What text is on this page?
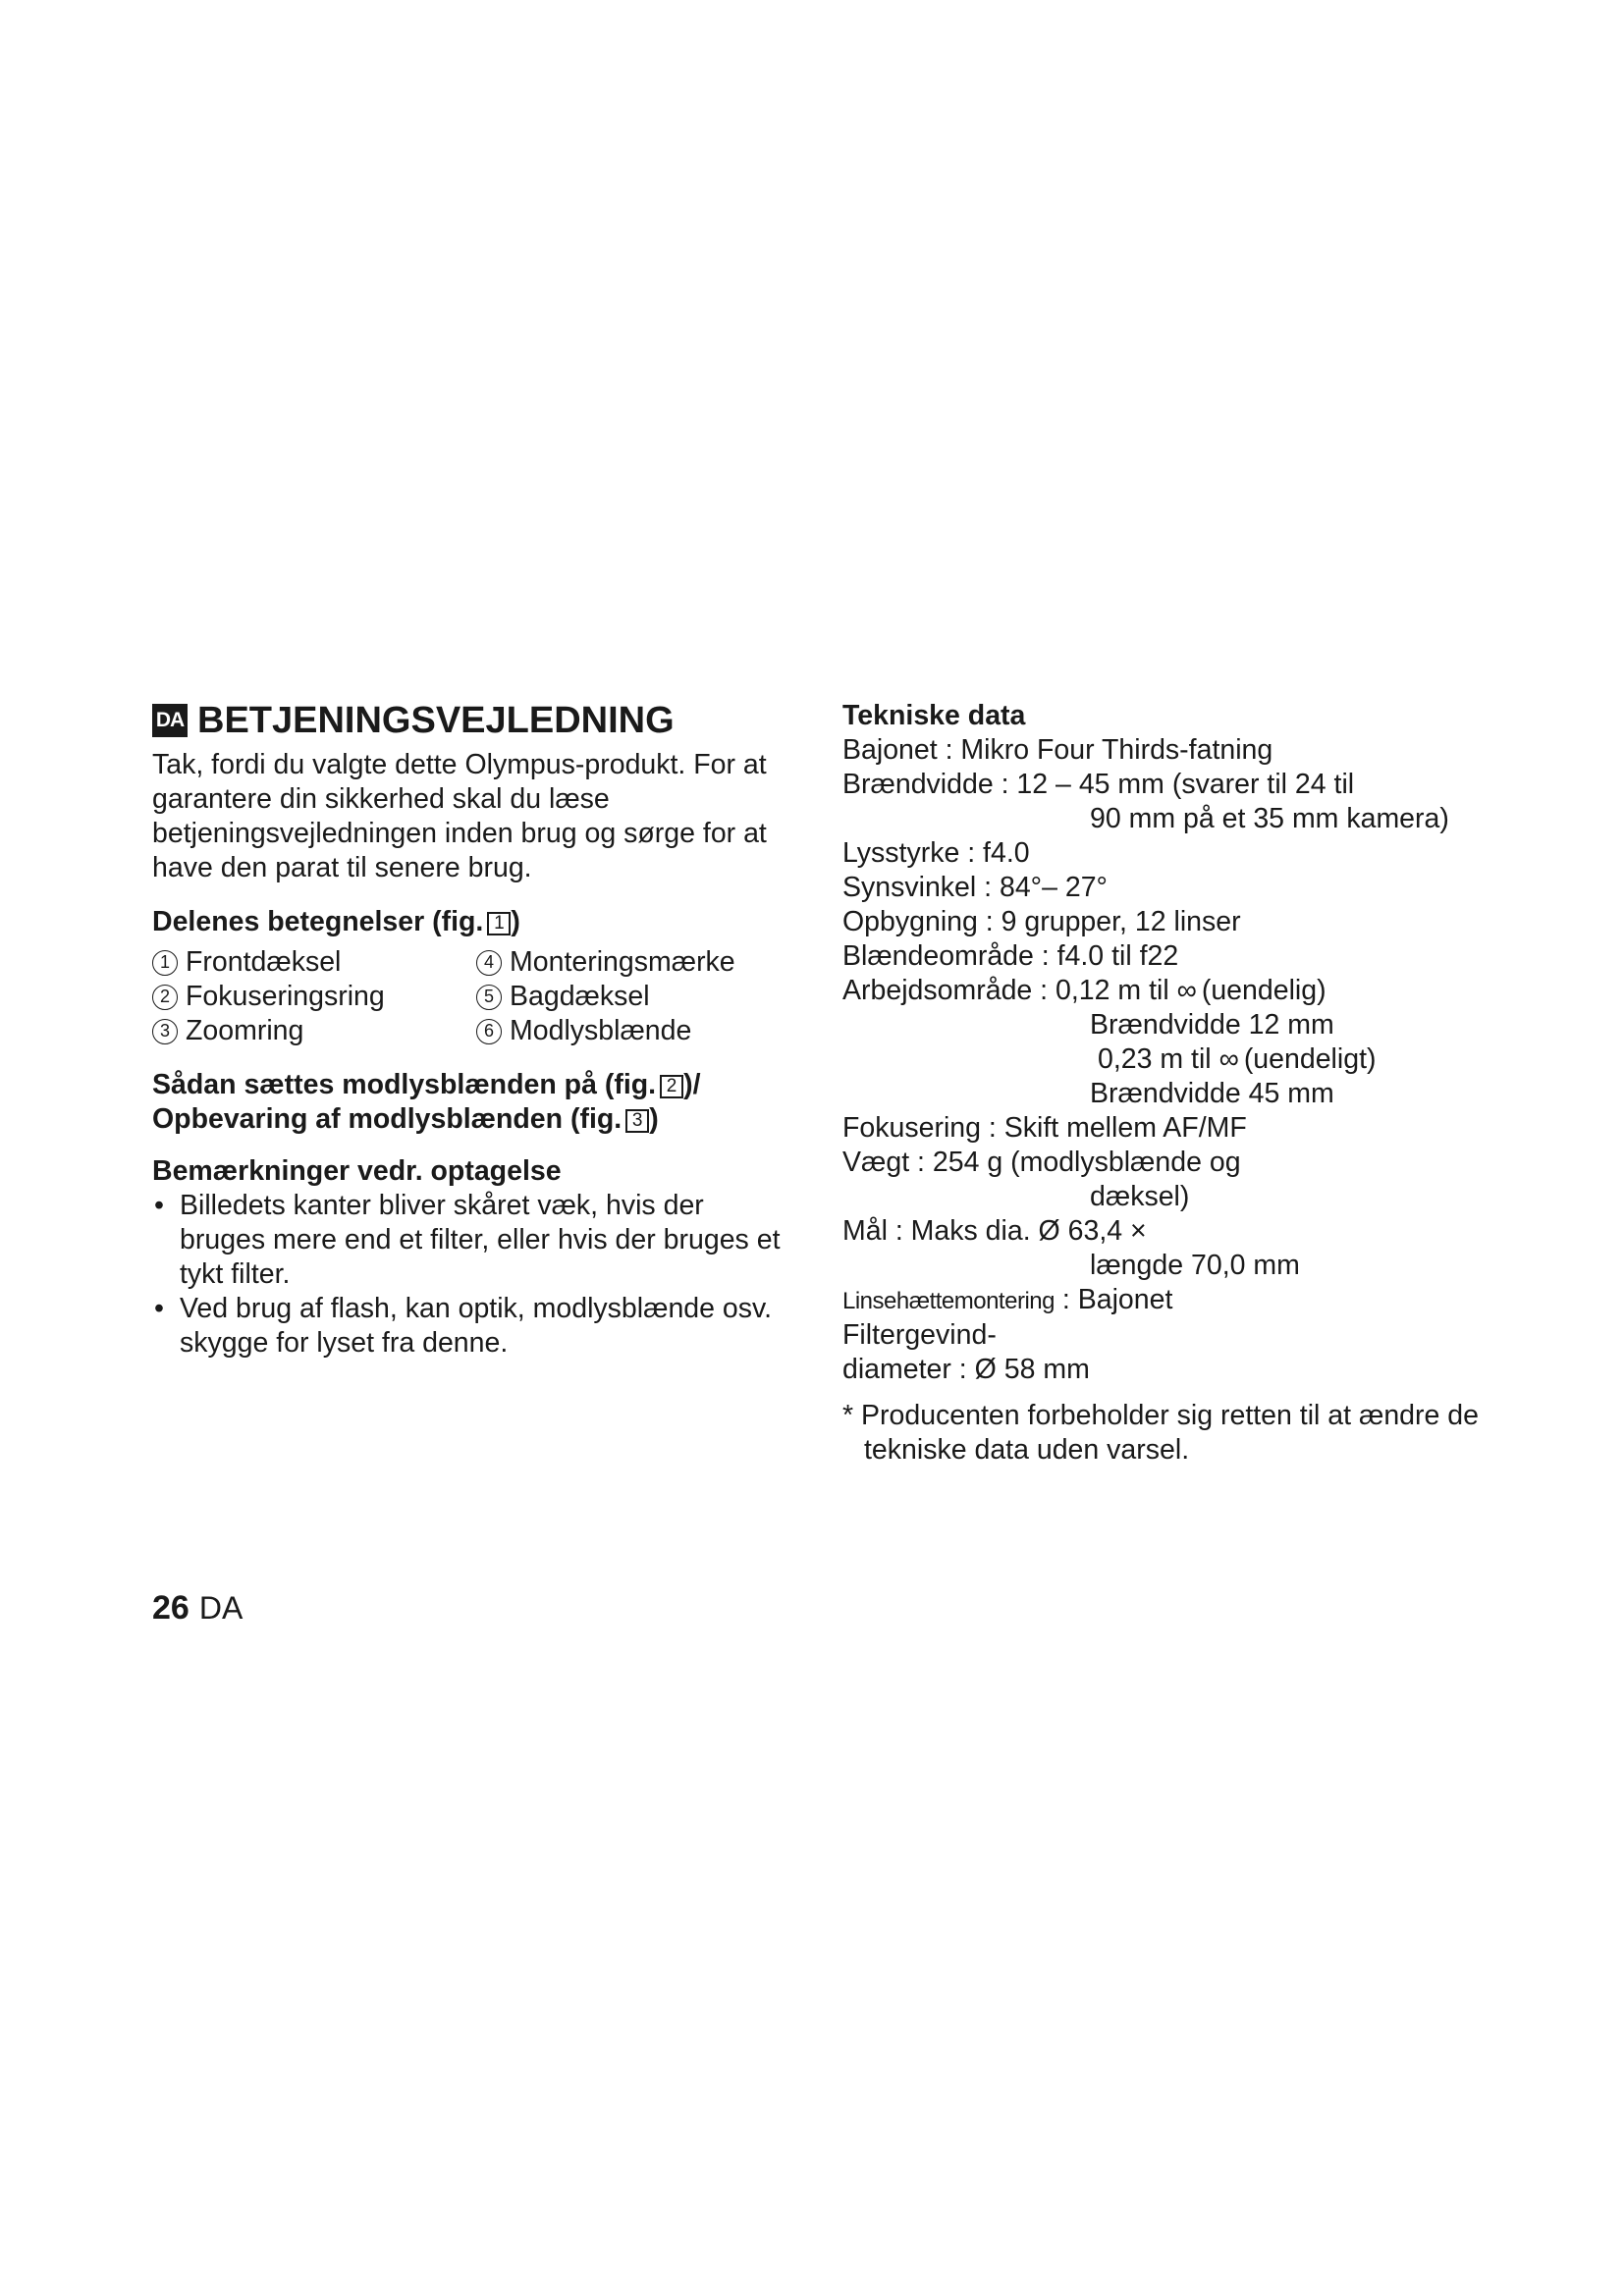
DA BETJENINGSVEJLEDNING

Tak, fordi du valgte dette Olympus-produkt. For at garantere din sikkerhed skal du læse betjeningsvejledningen inden brug og sørge for at have den parat til senere brug.

Delenes betegnelser (fig. 1 )

1 Frontdæksel	4 Monteringsmærke
2 Fokuseringsring	5 Bagdæksel
3 Zoomring	6 Modlysblænde

Sådan sættes modlysblænden på (fig. 2 )/

Opbevaring af modlysblænden (fig. 3 )

Bemærkninger vedr. optagelse

• Billedets kanter bliver skåret væk, hvis der bruges mere end et filter, eller hvis der bruges et tykt filter.
• Ved brug af flash, kan optik, modlysblænde osv. skygge for lyset fra denne.

Tekniske data

Bajonet : Mikro Four Thirds-fatning
Brændvidde : 12 – 45 mm (svarer til 24 til
90 mm på et 35 mm kamera)
Lysstyrke : f4.0
Synsvinkel : 84°– 27°
Opbygning : 9 grupper, 12 linser
Blændeområde : f4.0 til f22
Arbejdsområde : 0,12 m til ∞ (uendelig)
Brændvidde 12 mm
0,23 m til ∞ (uendeligt)
Brændvidde 45 mm
Fokusering : Skift mellem AF/MF
Vægt : 254 g (modlysblænde og
dæksel)
Mål : Maks dia. Ø 63,4 ×
længde 70,0 mm
Linsehættemontering : Bajonet
Filtergevind-
diameter : Ø 58 mm

* Producenten forbeholder sig retten til at ændre de tekniske data uden varsel.

26 DA
